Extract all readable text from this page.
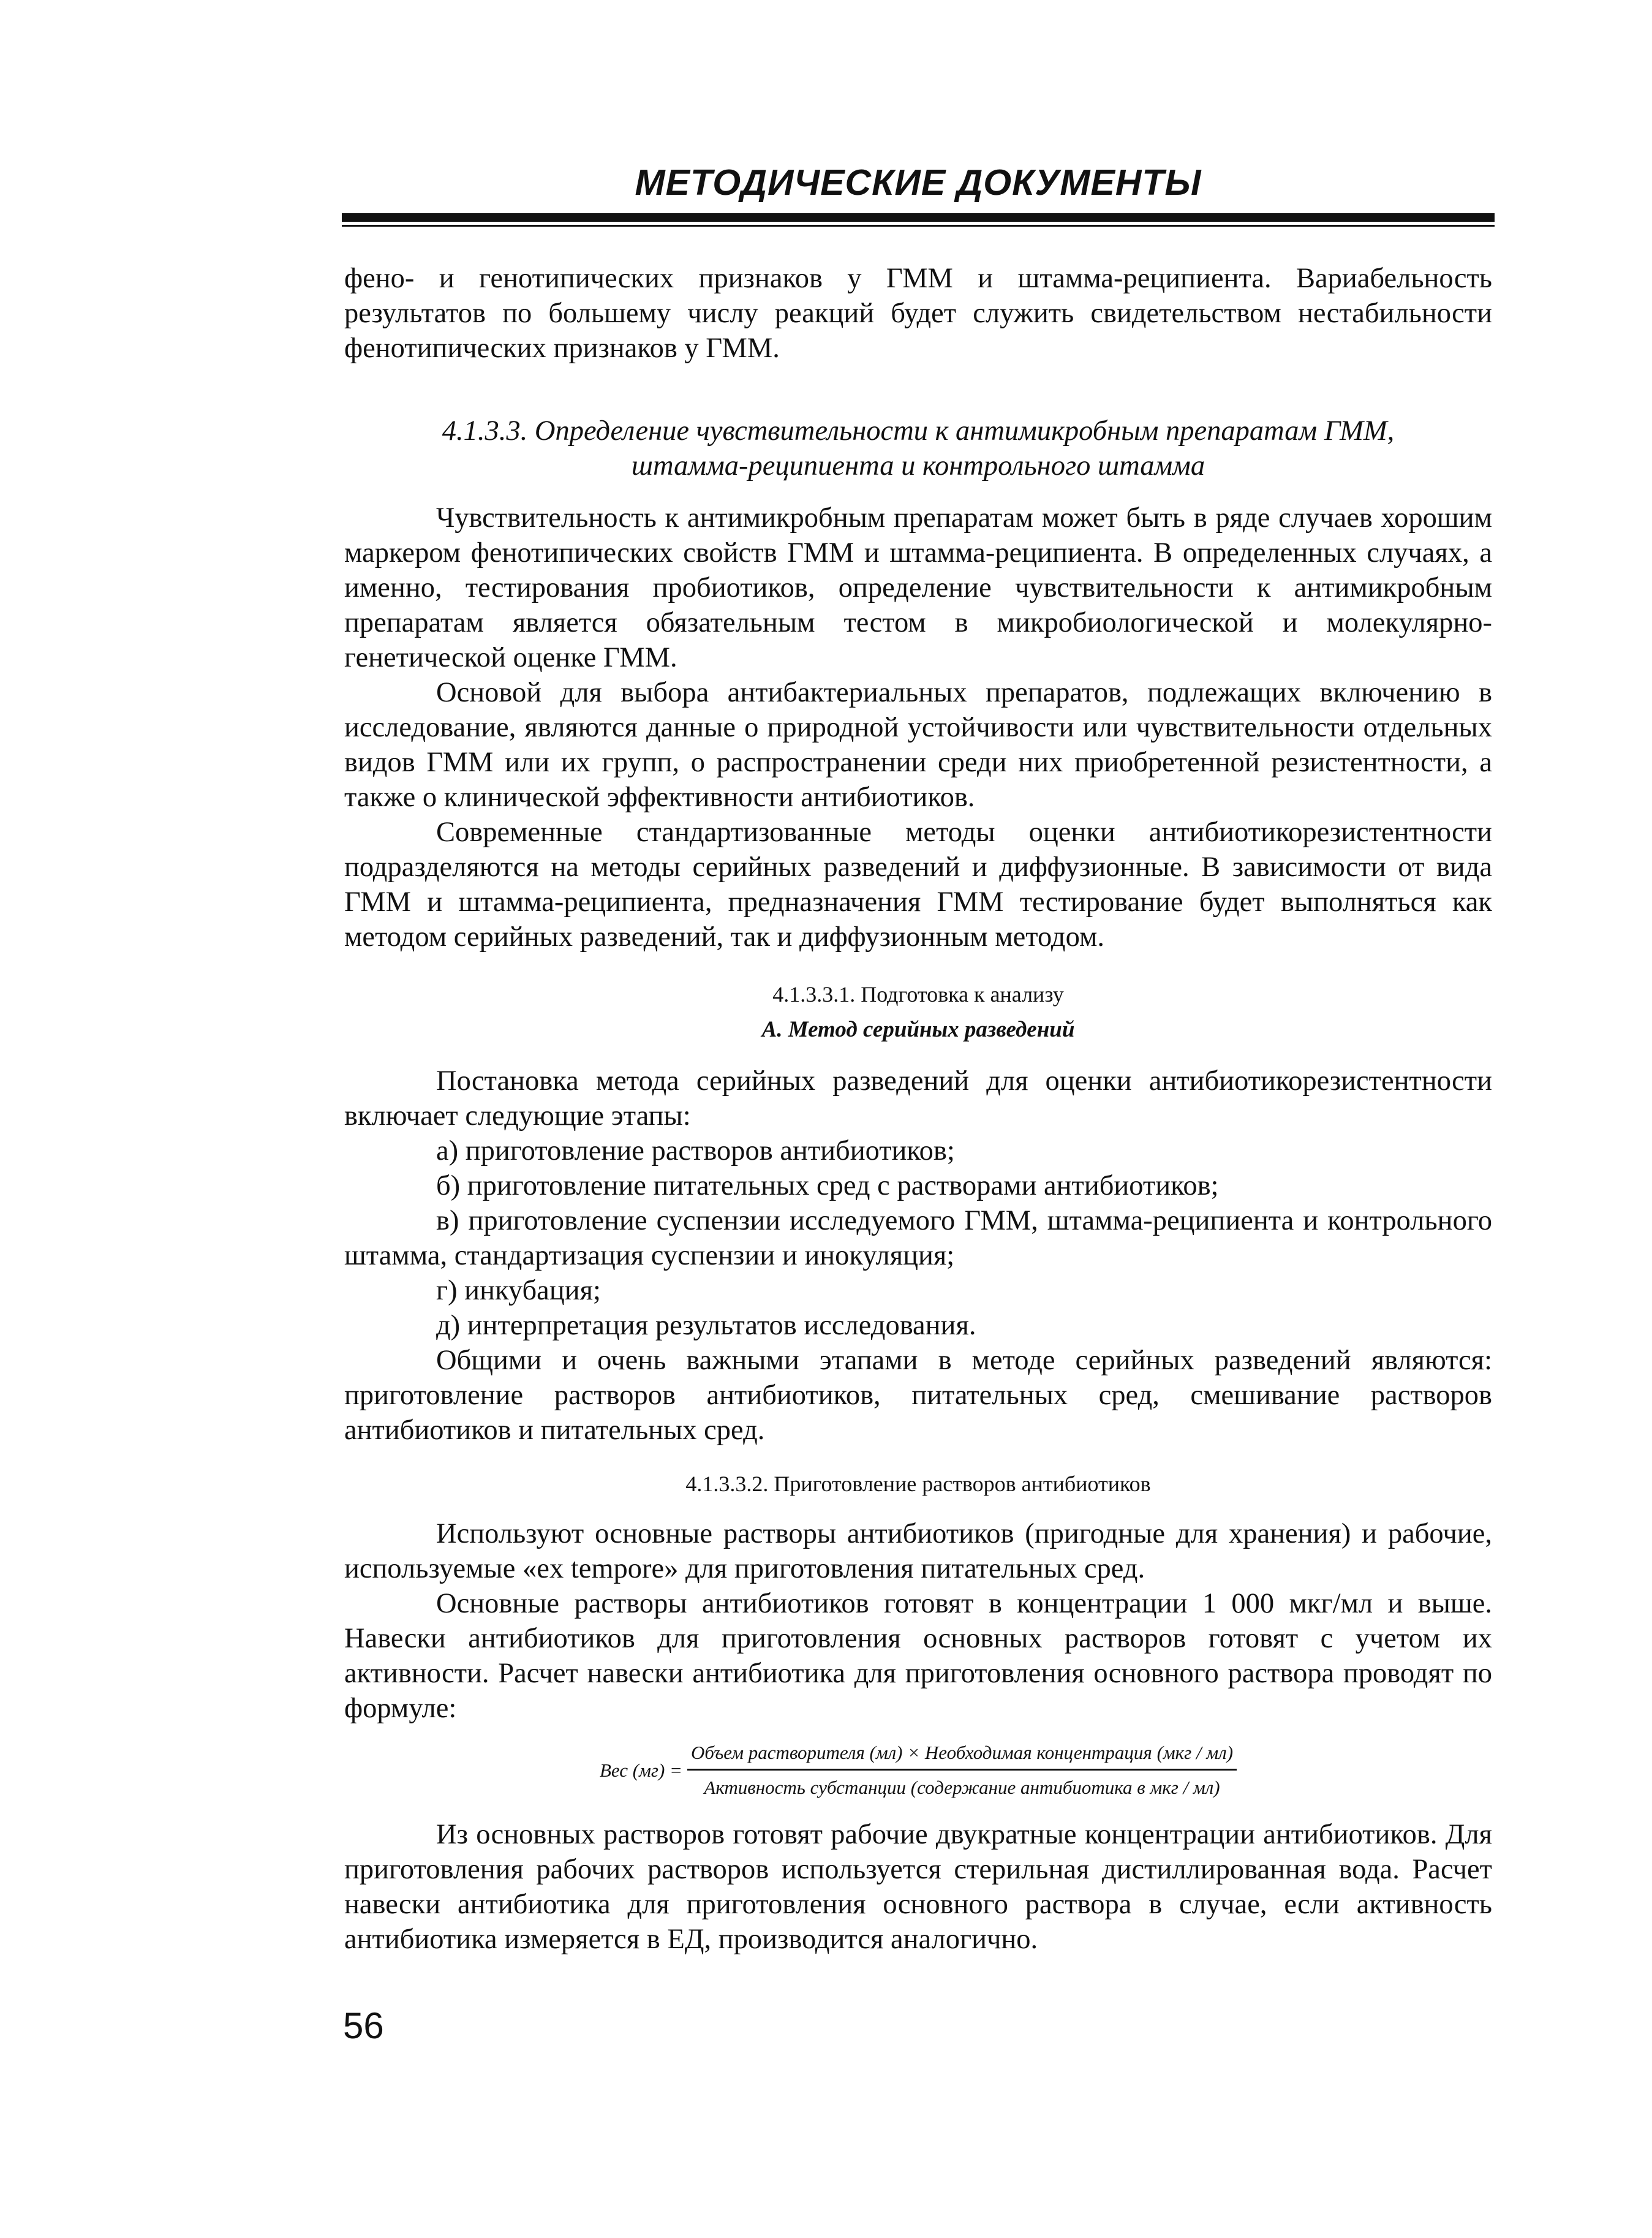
МЕТОДИЧЕСКИЕ ДОКУМЕНТЫ

фено- и генотипических признаков у ГММ и штамма-реципиента. Вариабельность результатов по большему числу реакций будет служить свидетельством нестабильности фенотипических признаков у ГММ.

4.1.3.3. Определение чувствительности к антимикробным препаратам ГММ,
штамма-реципиента и контрольного штамма

Чувствительность к антимикробным препаратам может быть в ряде случаев хорошим маркером фенотипических свойств ГММ и штамма-реципиента. В определенных случаях, а именно, тестирования пробиотиков, определение чувствительности к антимикробным препаратам является обязательным тестом в микробиологической и молекулярно-генетической оценке ГММ.

Основой для выбора антибактериальных препаратов, подлежащих включению в исследование, являются данные о природной устойчивости или чувствительности отдельных видов ГММ или их групп, о распространении среди них приобретенной резистентности, а также о клинической эффективности антибиотиков.

Современные стандартизованные методы оценки антибиотикорезистентности подразделяются на методы серийных разведений и диффузионные. В зависимости от вида ГММ и штамма-реципиента, предназначения ГММ тестирование будет выполняться как методом серийных разведений, так и диффузионным методом.

4.1.3.3.1. Подготовка к анализу

А. Метод серийных разведений

Постановка метода серийных разведений для оценки антибиотикорезистентности включает следующие этапы:

а) приготовление растворов антибиотиков;

б) приготовление питательных сред с растворами антибиотиков;

в) приготовление суспензии исследуемого ГММ, штамма-реципиента и контрольного штамма, стандартизация суспензии и инокуляция;

г) инкубация;

д) интерпретация результатов исследования.

Общими и очень важными этапами в методе серийных разведений являются: приготовление растворов антибиотиков, питательных сред, смешивание растворов антибиотиков и питательных сред.

4.1.3.3.2. Приготовление растворов антибиотиков

Используют основные растворы антибиотиков (пригодные для хранения) и рабочие, используемые «ex tempore» для приготовления питательных сред.

Основные растворы антибиотиков готовят в концентрации 1 000 мкг/мл и выше. Навески антибиотиков для приготовления основных растворов готовят с учетом их активности. Расчет навески антибиотика для приготовления основного раствора проводят по формуле:

Вес (мг) =
Объем растворителя (мл) × Необходимая концентрация (мкг / мл)
Активность субстанции (содержание антибиотика в мкг / мл)

Из основных растворов готовят рабочие двукратные концентрации антибиотиков. Для приготовления рабочих растворов используется стерильная дистиллированная вода. Расчет навески антибиотика для приготовления основного раствора в случае, если активность антибиотика измеряется в ЕД, производится аналогично.

56
